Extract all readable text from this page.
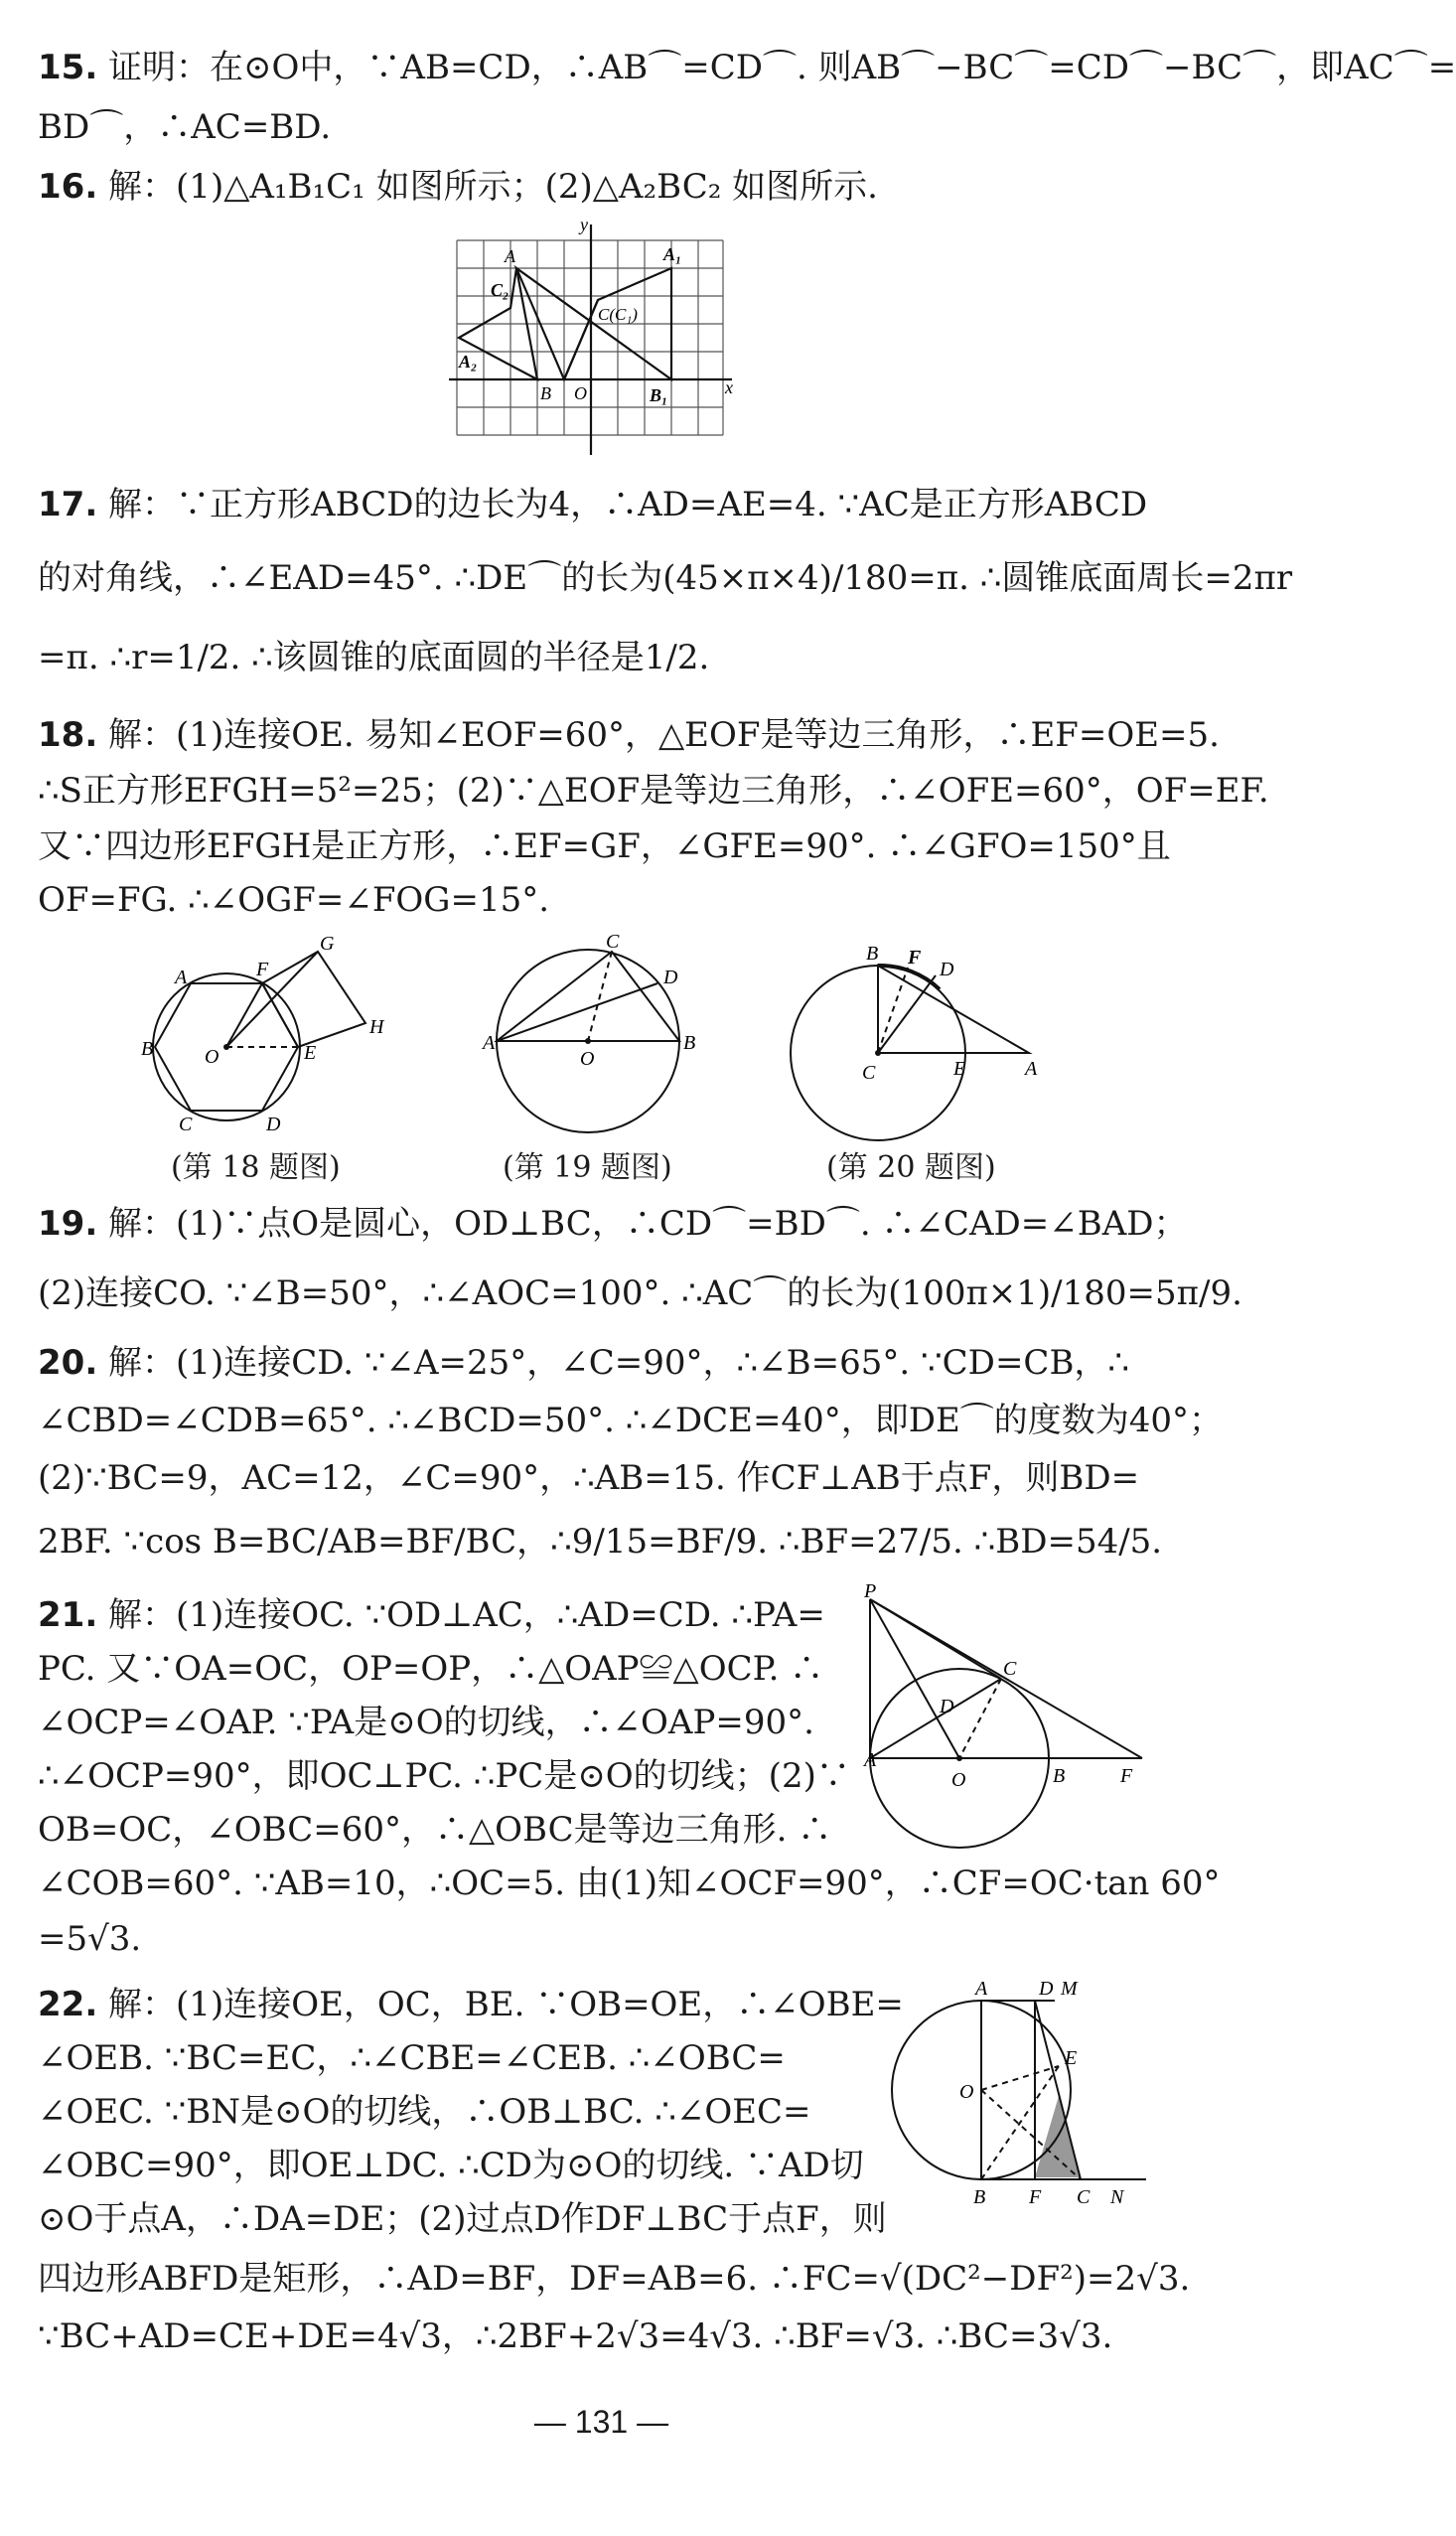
15. 证明：在⊙O中，∵AB=CD，∴AB⌒=CD⌒. 则AB⌒−BC⌒=CD⌒−BC⌒，即AC⌒=
BD⌒，∴AC=BD.
16. 解：(1)△A₁B₁C₁ 如图所示；(2)△A₂BC₂ 如图所示.
y
x
A
C₂
A₂
B O
C(C₁)
A₁
B₁
17. 解：∵正方形ABCD的边长为4，∴AD=AE=4. ∵AC是正方形ABCD
的对角线，∴∠EAD=45°. ∴DE⌒的长为(45×π×4)/180=π. ∴圆锥底面周长=2πr
=π. ∴r=1/2. ∴该圆锥的底面圆的半径是1/2.
18. 解：(1)连接OE. 易知∠EOF=60°，△EOF是等边三角形，∴EF=OE=5.
∴S正方形EFGH=5²=25；(2)∵△EOF是等边三角形，∴∠OFE=60°，OF=EF.
又∵四边形EFGH是正方形，∴EF=GF，∠GFE=90°. ∴∠GFO=150°且
OF=FG. ∴∠OGF=∠FOG=15°.
G
A	F
H
B	O	E
C	D
(第 18 题图)
C
D
A
O
B
(第 19 题图)
B F
D
C	E	A
(第 20 题图)
19. 解：(1)∵点O是圆心，OD⊥BC，∴CD⌒=BD⌒. ∴∠CAD=∠BAD；
(2)连接CO. ∵∠B=50°，∴∠AOC=100°. ∴AC⌒的长为(100π×1)/180=5π/9.
20. 解：(1)连接CD. ∵∠A=25°，∠C=90°，∴∠B=65°. ∵CD=CB，∴
∠CBD=∠CDB=65°. ∴∠BCD=50°. ∴∠DCE=40°，即DE⌒的度数为40°；
(2)∵BC=9，AC=12，∠C=90°，∴AB=15. 作CF⊥AB于点F，则BD=
2BF. ∵cos B=BC/AB=BF/BC，∴9/15=BF/9. ∴BF=27/5. ∴BD=54/5.
21. 解：(1)连接OC. ∵OD⊥AC，∴AD=CD. ∴PA=
PC. 又∵OA=OC，OP=OP，∴△OAP≌△OCP. ∴
∠OCP=∠OAP. ∵PA是⊙O的切线，∴∠OAP=90°.
∴∠OCP=90°，即OC⊥PC. ∴PC是⊙O的切线；(2)∵
OB=OC，∠OBC=60°，∴△OBC是等边三角形. ∴
P
C
D
A
O	B	F
∠COB=60°. ∵AB=10，∴OC=5. 由(1)知∠OCF=90°，∴CF=OC·tan 60°
=5√3.
22. 解：(1)连接OE，OC，BE. ∵OB=OE，∴∠OBE=
∠OEB. ∵BC=EC，∴∠CBE=∠CEB. ∴∠OBC=
∠OEC. ∵BN是⊙O的切线，∴OB⊥BC. ∴∠OEC=
∠OBC=90°，即OE⊥DC. ∴CD为⊙O的切线. ∵AD切
⊙O于点A，∴DA=DE；(2)过点D作DF⊥BC于点F，则
A	D M
E
O
B F C N
四边形ABFD是矩形，∴AD=BF，DF=AB=6. ∴FC=√(DC²−DF²)=2√3.
∵BC+AD=CE+DE=4√3，∴2BF+2√3=4√3. ∴BF=√3. ∴BC=3√3.
— 131 —
